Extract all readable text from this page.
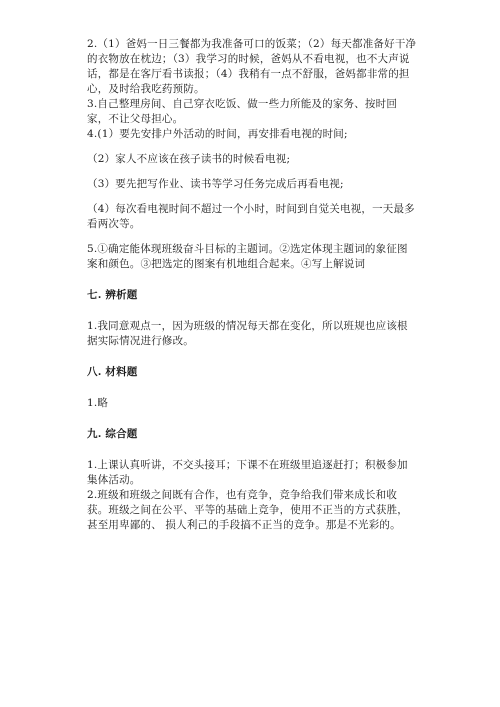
2.（1）爸妈一日三餐都为我准备可口的饭菜；（2）每天都准备好干净的衣物放在枕边；（3）我学习的时候，爸妈从不看电视，也不大声说话，都是在客厅看书读报；（4）我稍有一点不舒服，爸妈都非常的担心，及时给我吃药预防。

3.自己整理房间、自己穿衣吃饭、做一些力所能及的家务、按时回家，不让父母担心。

4.(1）要先安排户外活动的时间，再安排看电视的时间;

（2）家人不应该在孩子读书的时候看电视;

（3）要先把写作业、读书等学习任务完成后再看电视;

（4）每次看电视时间不超过一个小时，时间到自觉关电视，一天最多看两次等。

5.①确定能体现班级奋斗目标的主题词。②选定体现主题词的象征图案和颜色。③把选定的图案有机地组合起来。④写上解说词

七. 辨析题

1.我同意观点一，因为班级的情况每天都在变化，所以班规也应该根据实际情况进行修改。

八. 材料题

1.略

九. 综合题

1.上课认真听讲，不交头接耳；下课不在班级里追逐赶打；积极参加集体活动。

2.班级和班级之间既有合作，也有竞争，竞争给我们带来成长和收获。班级之间在公平、平等的基础上竞争，使用不正当的方式获胜，甚至用卑鄙的、 损人利己的手段搞不正当的竞争。那是不光彩的。
